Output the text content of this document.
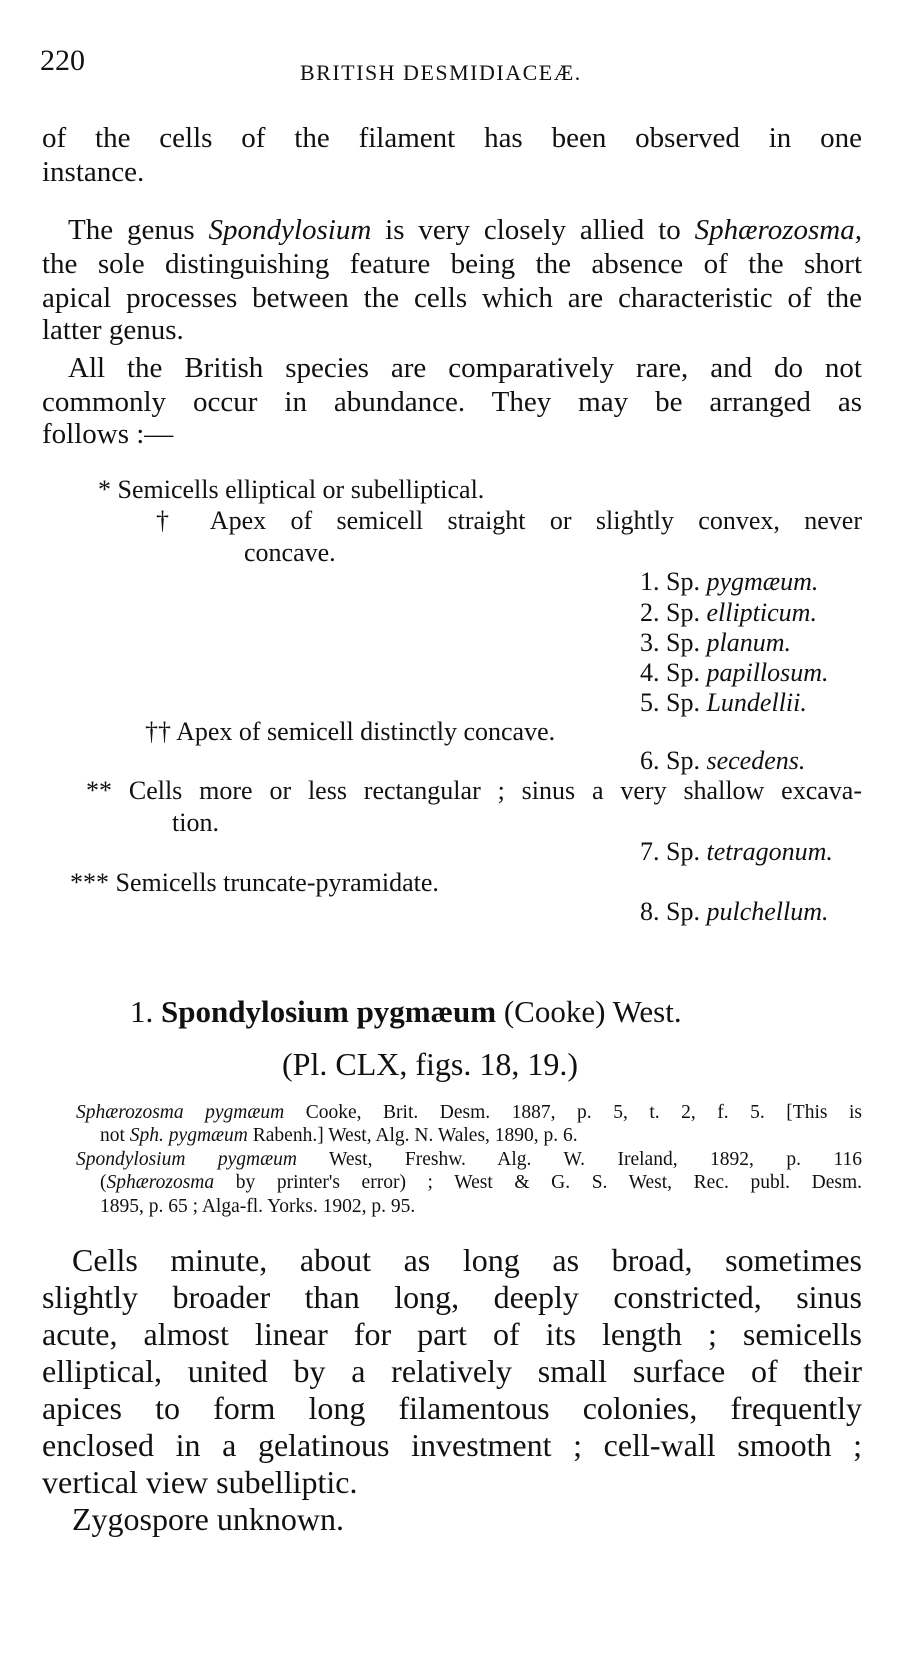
220	BRITISH DESMIDIACEÆ.
of the cells of the filament has been observed in one
instance.
The genus Spondylosium is very closely allied to Sphærozosma,
the sole distinguishing feature being the absence of the short
apical processes between the cells which are characteristic of the
latter genus.
All the British species are comparatively rare, and do not
commonly occur in abundance. They may be arranged as
follows :—
* Semicells elliptical or subelliptical.
† Apex of semicell straight or slightly convex, never
concave.
1. Sp. pygmæum.
2. Sp. ellipticum.
3. Sp. planum.
4. Sp. papillosum.
5. Sp. Lundellii.
†† Apex of semicell distinctly concave.
6. Sp. secedens.
** Cells more or less rectangular ; sinus a very shallow excava-
tion.
7. Sp. tetragonum.
*** Semicells truncate-pyramidate.
8. Sp. pulchellum.
1. Spondylosium pygmæum (Cooke) West.
(Pl. CLX, figs. 18, 19.)
Sphærozosma pygmæum Cooke, Brit. Desm. 1887, p. 5, t. 2, f. 5. [This is
not Sph. pygmæum Rabenh.] West, Alg. N. Wales, 1890, p. 6.
Spondylosium pygmæum West, Freshw. Alg. W. Ireland, 1892, p. 116
(Sphærozosma by printer's error) ; West & G. S. West, Rec. publ. Desm.
1895, p. 65 ; Alga-fl. Yorks. 1902, p. 95.
Cells minute, about as long as broad, sometimes
slightly broader than long, deeply constricted, sinus
acute, almost linear for part of its length ; semicells
elliptical, united by a relatively small surface of their
apices to form long filamentous colonies, frequently
enclosed in a gelatinous investment ; cell-wall smooth ;
vertical view subelliptic.
Zygospore unknown.
